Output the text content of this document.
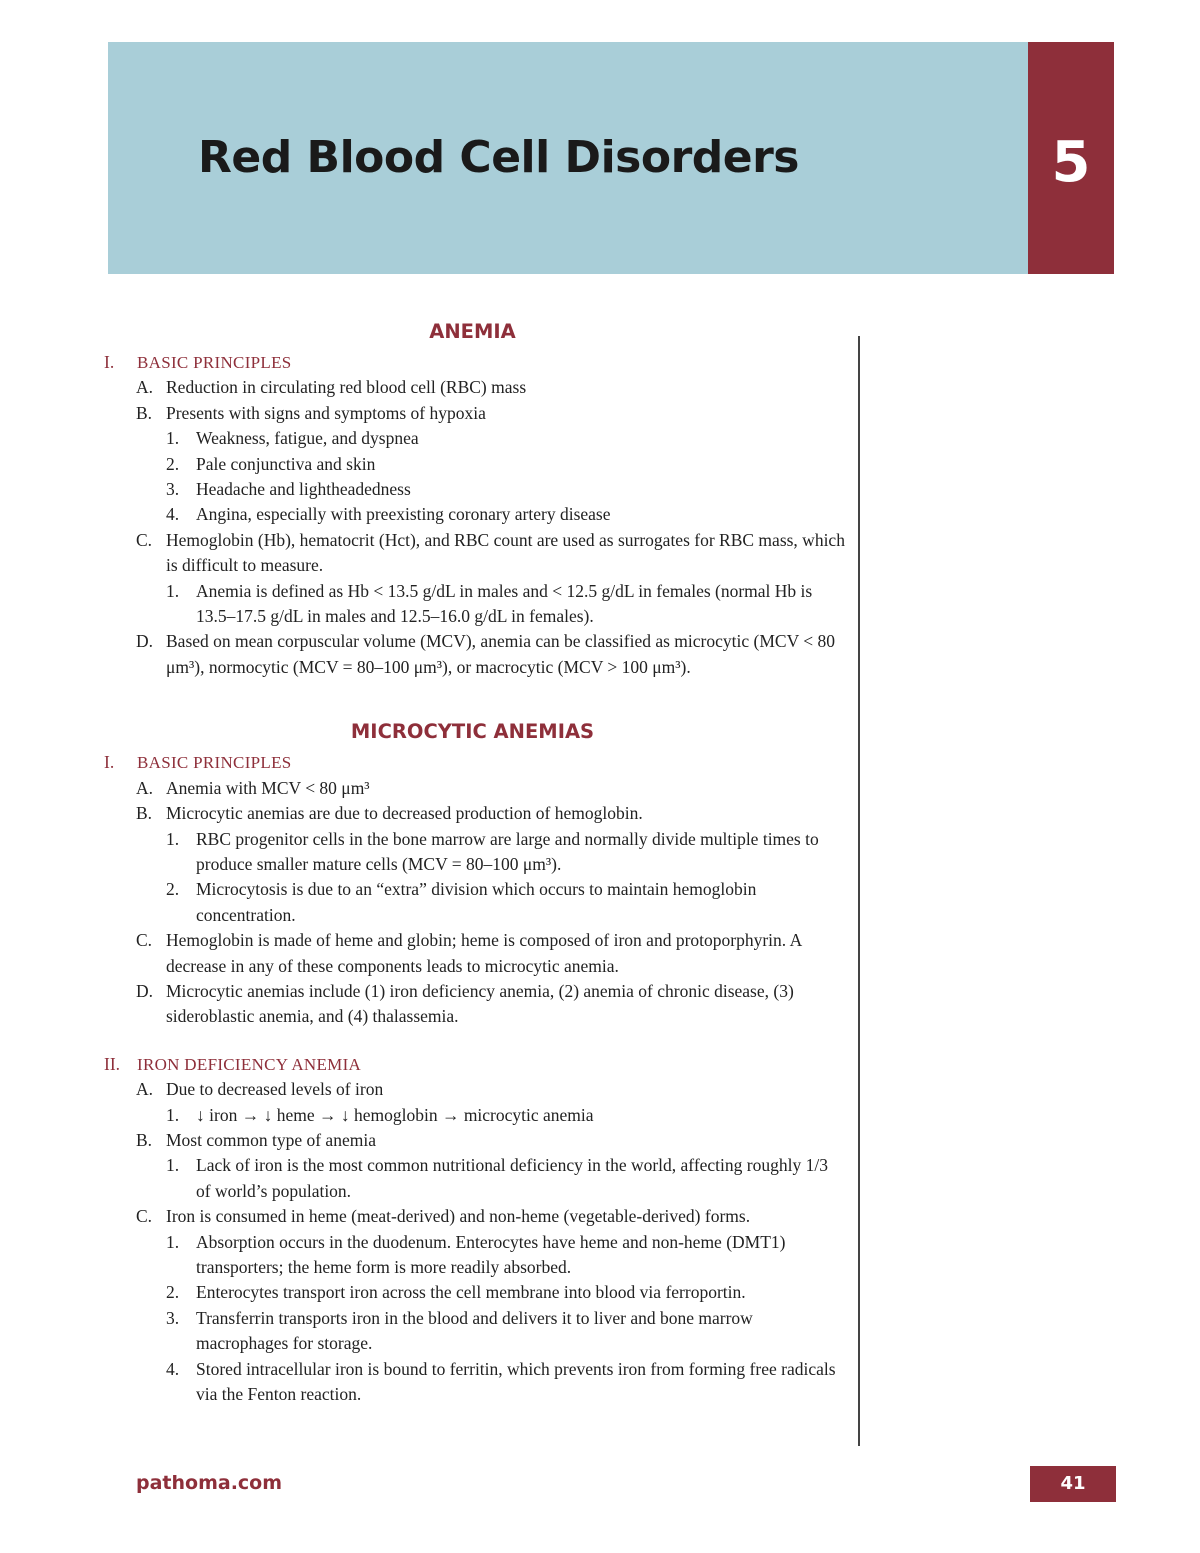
Red Blood Cell Disorders	5
ANEMIA
I. BASIC PRINCIPLES
A. Reduction in circulating red blood cell (RBC) mass
B. Presents with signs and symptoms of hypoxia
1. Weakness, fatigue, and dyspnea
2. Pale conjunctiva and skin
3. Headache and lightheadedness
4. Angina, especially with preexisting coronary artery disease
C. Hemoglobin (Hb), hematocrit (Hct), and RBC count are used as surrogates for RBC mass, which is difficult to measure.
1. Anemia is defined as Hb < 13.5 g/dL in males and < 12.5 g/dL in females (normal Hb is 13.5–17.5 g/dL in males and 12.5–16.0 g/dL in females).
D. Based on mean corpuscular volume (MCV), anemia can be classified as microcytic (MCV < 80 μm³), normocytic (MCV = 80–100 μm³), or macrocytic (MCV > 100 μm³).
MICROCYTIC ANEMIAS
I. BASIC PRINCIPLES
A. Anemia with MCV < 80 μm³
B. Microcytic anemias are due to decreased production of hemoglobin.
1. RBC progenitor cells in the bone marrow are large and normally divide multiple times to produce smaller mature cells (MCV = 80–100 μm³).
2. Microcytosis is due to an “extra” division which occurs to maintain hemoglobin concentration.
C. Hemoglobin is made of heme and globin; heme is composed of iron and protoporphyrin. A decrease in any of these components leads to microcytic anemia.
D. Microcytic anemias include (1) iron deficiency anemia, (2) anemia of chronic disease, (3) sideroblastic anemia, and (4) thalassemia.
II. IRON DEFICIENCY ANEMIA
A. Due to decreased levels of iron
1. ↓ iron → ↓ heme → ↓ hemoglobin → microcytic anemia
B. Most common type of anemia
1. Lack of iron is the most common nutritional deficiency in the world, affecting roughly 1/3 of world’s population.
C. Iron is consumed in heme (meat-derived) and non-heme (vegetable-derived) forms.
1. Absorption occurs in the duodenum. Enterocytes have heme and non-heme (DMT1) transporters; the heme form is more readily absorbed.
2. Enterocytes transport iron across the cell membrane into blood via ferroportin.
3. Transferrin transports iron in the blood and delivers it to liver and bone marrow macrophages for storage.
4. Stored intracellular iron is bound to ferritin, which prevents iron from forming free radicals via the Fenton reaction.
pathoma.com	41
